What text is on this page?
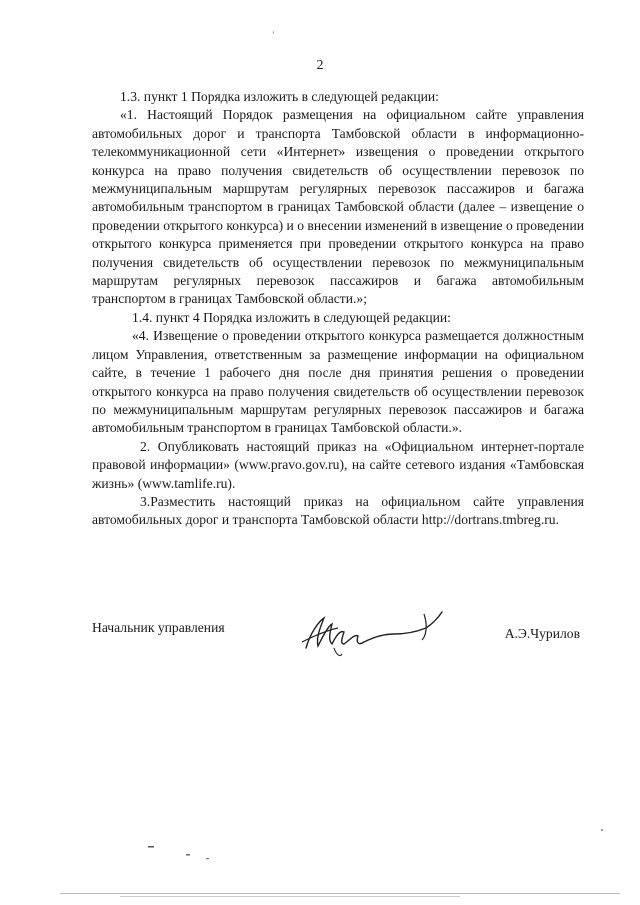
ʼ
2

1.3. пункт 1 Порядка изложить в следующей редакции:

«1. Настоящий Порядок размещения на официальном сайте управления автомобильных дорог и транспорта Тамбовской области в информационно-телекоммуникационной сети «Интернет» извещения о проведении открытого конкурса на право получения свидетельств об осуществлении перевозок по межмуниципальным маршрутам регулярных перевозок пассажиров и багажа автомобильным транспортом в границах Тамбовской области (далее – извещение о проведении открытого конкурса) и о внесении изменений в извещение о проведении открытого конкурса применяется при проведении открытого конкурса на право получения свидетельств об осуществлении перевозок по межмуниципальным маршрутам регулярных перевозок пассажиров и багажа автомобильным транспортом в границах Тамбовской области.»;

1.4. пункт 4 Порядка изложить в следующей редакции:

«4. Извещение о проведении открытого конкурса размещается должностным лицом Управления, ответственным за размещение информации на официальном сайте, в течение 1 рабочего дня после дня принятия решения о проведении открытого конкурса на право получения свидетельств об осуществлении перевозок по межмуниципальным маршрутам регулярных перевозок пассажиров и багажа автомобильным транспортом в границах Тамбовской области.».

2. Опубликовать настоящий приказ на «Официальном интернет-портале правовой информации» (www.pravo.gov.ru), на сайте сетевого издания «Тамбовская жизнь» (www.tamlife.ru).

3.Разместить настоящий приказ на официальном сайте управления автомобильных дорог и транспорта Тамбовской области http://dortrans.tmbreg.ru.

Начальник управления	А.Э.Чурилов
